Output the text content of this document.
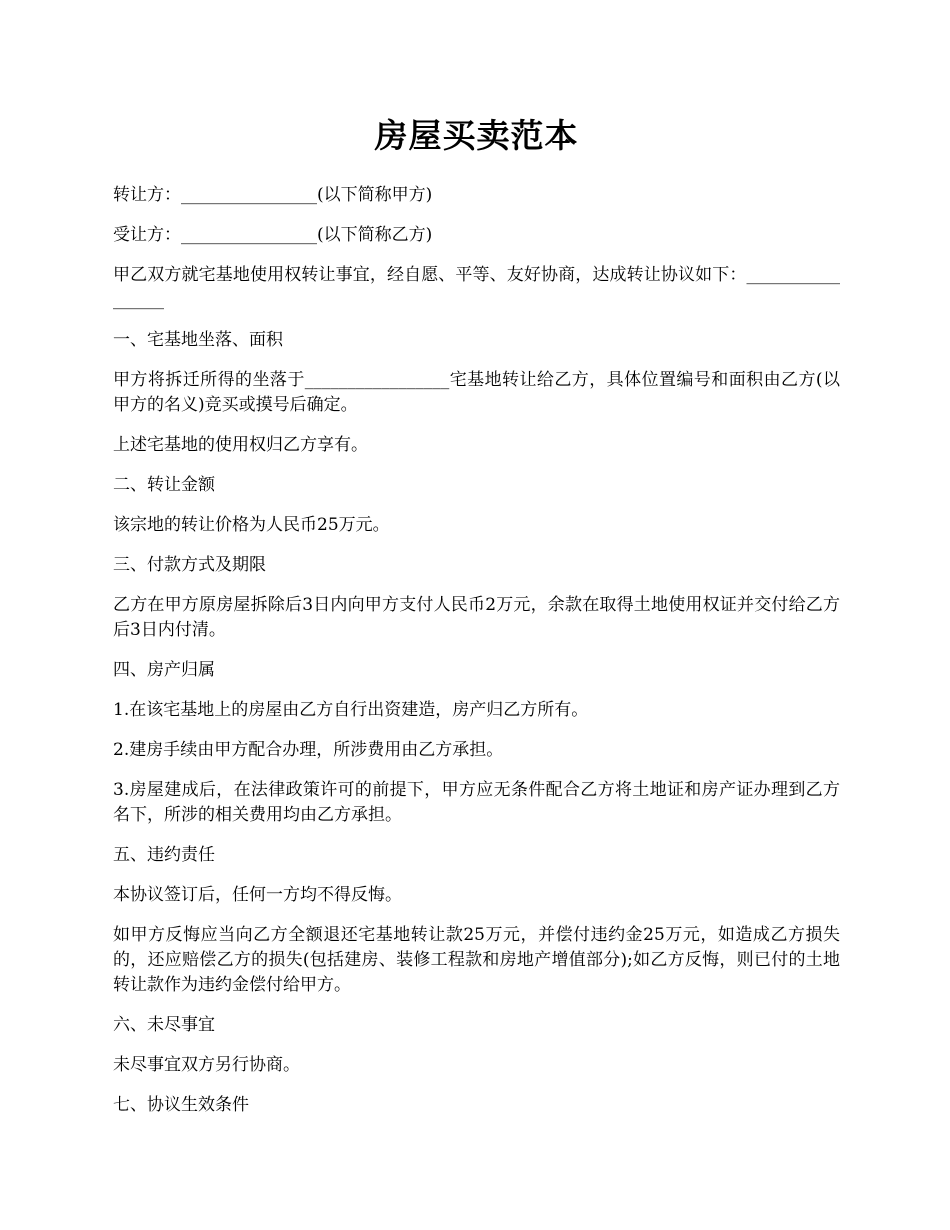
房屋买卖范本

转让方：________________(以下简称甲方)

受让方：________________(以下简称乙方)

甲乙双方就宅基地使用权转让事宜，经自愿、平等、友好协商，达成转让协议如下：_________________

一、宅基地坐落、面积

甲方将拆迁所得的坐落于_________________宅基地转让给乙方，具体位置编号和面积由乙方(以甲方的名义)竞买或摸号后确定。

上述宅基地的使用权归乙方享有。

二、转让金额

该宗地的转让价格为人民币25万元。

三、付款方式及期限

乙方在甲方原房屋拆除后3日内向甲方支付人民币2万元，余款在取得土地使用权证并交付给乙方后3日内付清。

四、房产归属

1.在该宅基地上的房屋由乙方自行出资建造，房产归乙方所有。

2.建房手续由甲方配合办理，所涉费用由乙方承担。

3.房屋建成后，在法律政策许可的前提下，甲方应无条件配合乙方将土地证和房产证办理到乙方名下，所涉的相关费用均由乙方承担。

五、违约责任

本协议签订后，任何一方均不得反悔。

如甲方反悔应当向乙方全额退还宅基地转让款25万元，并偿付违约金25万元，如造成乙方损失的，还应赔偿乙方的损失(包括建房、装修工程款和房地产增值部分);如乙方反悔，则已付的土地转让款作为违约金偿付给甲方。

六、未尽事宜

未尽事宜双方另行协商。

七、协议生效条件
